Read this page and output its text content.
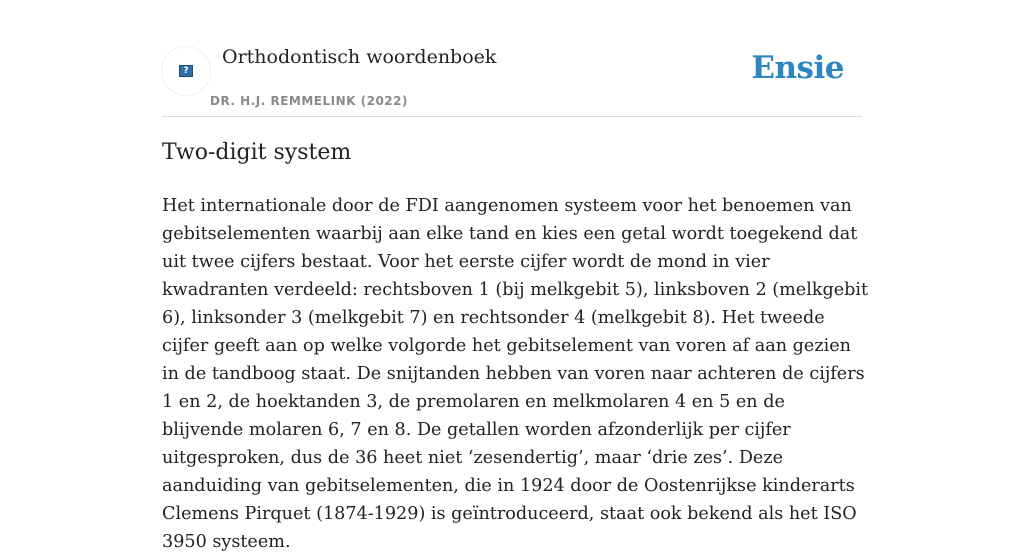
?
Orthodontisch woordenboek
DR. H.J. REMMELINK (2022)
Ensie
Two-digit system

Het internationale door de FDI aangenomen systeem voor het benoemen van gebitselementen waarbij aan elke tand en kies een getal wordt toegekend dat uit twee cijfers bestaat. Voor het eerste cijfer wordt de mond in vier kwadranten verdeeld: rechtsboven 1 (bij melkgebit 5), linksboven 2 (melkgebit 6), linksonder 3 (melkgebit 7) en rechtsonder 4 (melkgebit 8). Het tweede cijfer geeft aan op welke volgorde het gebitselement van voren af aan gezien in de tandboog staat. De snijtanden hebben van voren naar achteren de cijfers 1 en 2, de hoektanden 3, de premolaren en melkmolaren 4 en 5 en de blijvende molaren 6, 7 en 8. De getallen worden afzonderlijk per cijfer uitgesproken, dus de 36 heet niet ‘zesendertig’, maar ‘drie zes’. Deze aanduiding van gebitselementen, die in 1924 door de Oostenrijkse kinderarts Clemens Pirquet (1874-1929) is geïntroduceerd, staat ook bekend als het ISO 3950 systeem.
